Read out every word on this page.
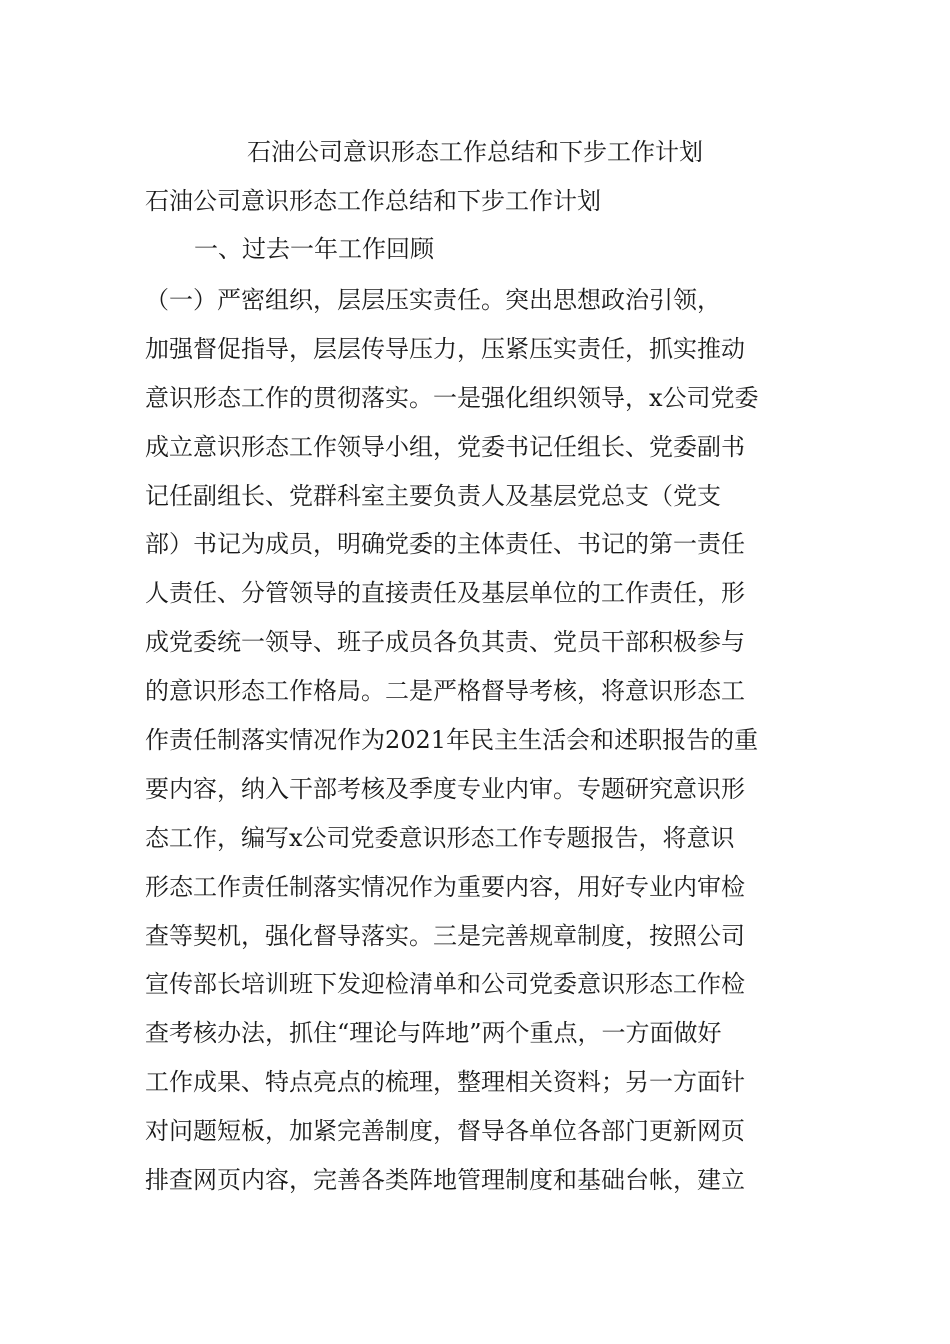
石油公司意识形态工作总结和下步工作计划

石油公司意识形态工作总结和下步工作计划

一、过去一年工作回顾

（一）严密组织，层层压实责任。突出思想政治引领，
加强督促指导，层层传导压力，压紧压实责任，抓实推动
意识形态工作的贯彻落实。一是强化组织领导，x公司党委
成立意识形态工作领导小组，党委书记任组长、党委副书
记任副组长、党群科室主要负责人及基层党总支（党支
部）书记为成员，明确党委的主体责任、书记的第一责任
人责任、分管领导的直接责任及基层单位的工作责任，形
成党委统一领导、班子成员各负其责、党员干部积极参与
的意识形态工作格局。二是严格督导考核，将意识形态工
作责任制落实情况作为2021年民主生活会和述职报告的重
要内容，纳入干部考核及季度专业内审。专题研究意识形
态工作，编写x公司党委意识形态工作专题报告，将意识
形态工作责任制落实情况作为重要内容，用好专业内审检
查等契机，强化督导落实。三是完善规章制度，按照公司
宣传部长培训班下发迎检清单和公司党委意识形态工作检
查考核办法，抓住“理论与阵地”两个重点，一方面做好
工作成果、特点亮点的梳理，整理相关资料；另一方面针
对问题短板，加紧完善制度，督导各单位各部门更新网页
排查网页内容，完善各类阵地管理制度和基础台帐，建立
